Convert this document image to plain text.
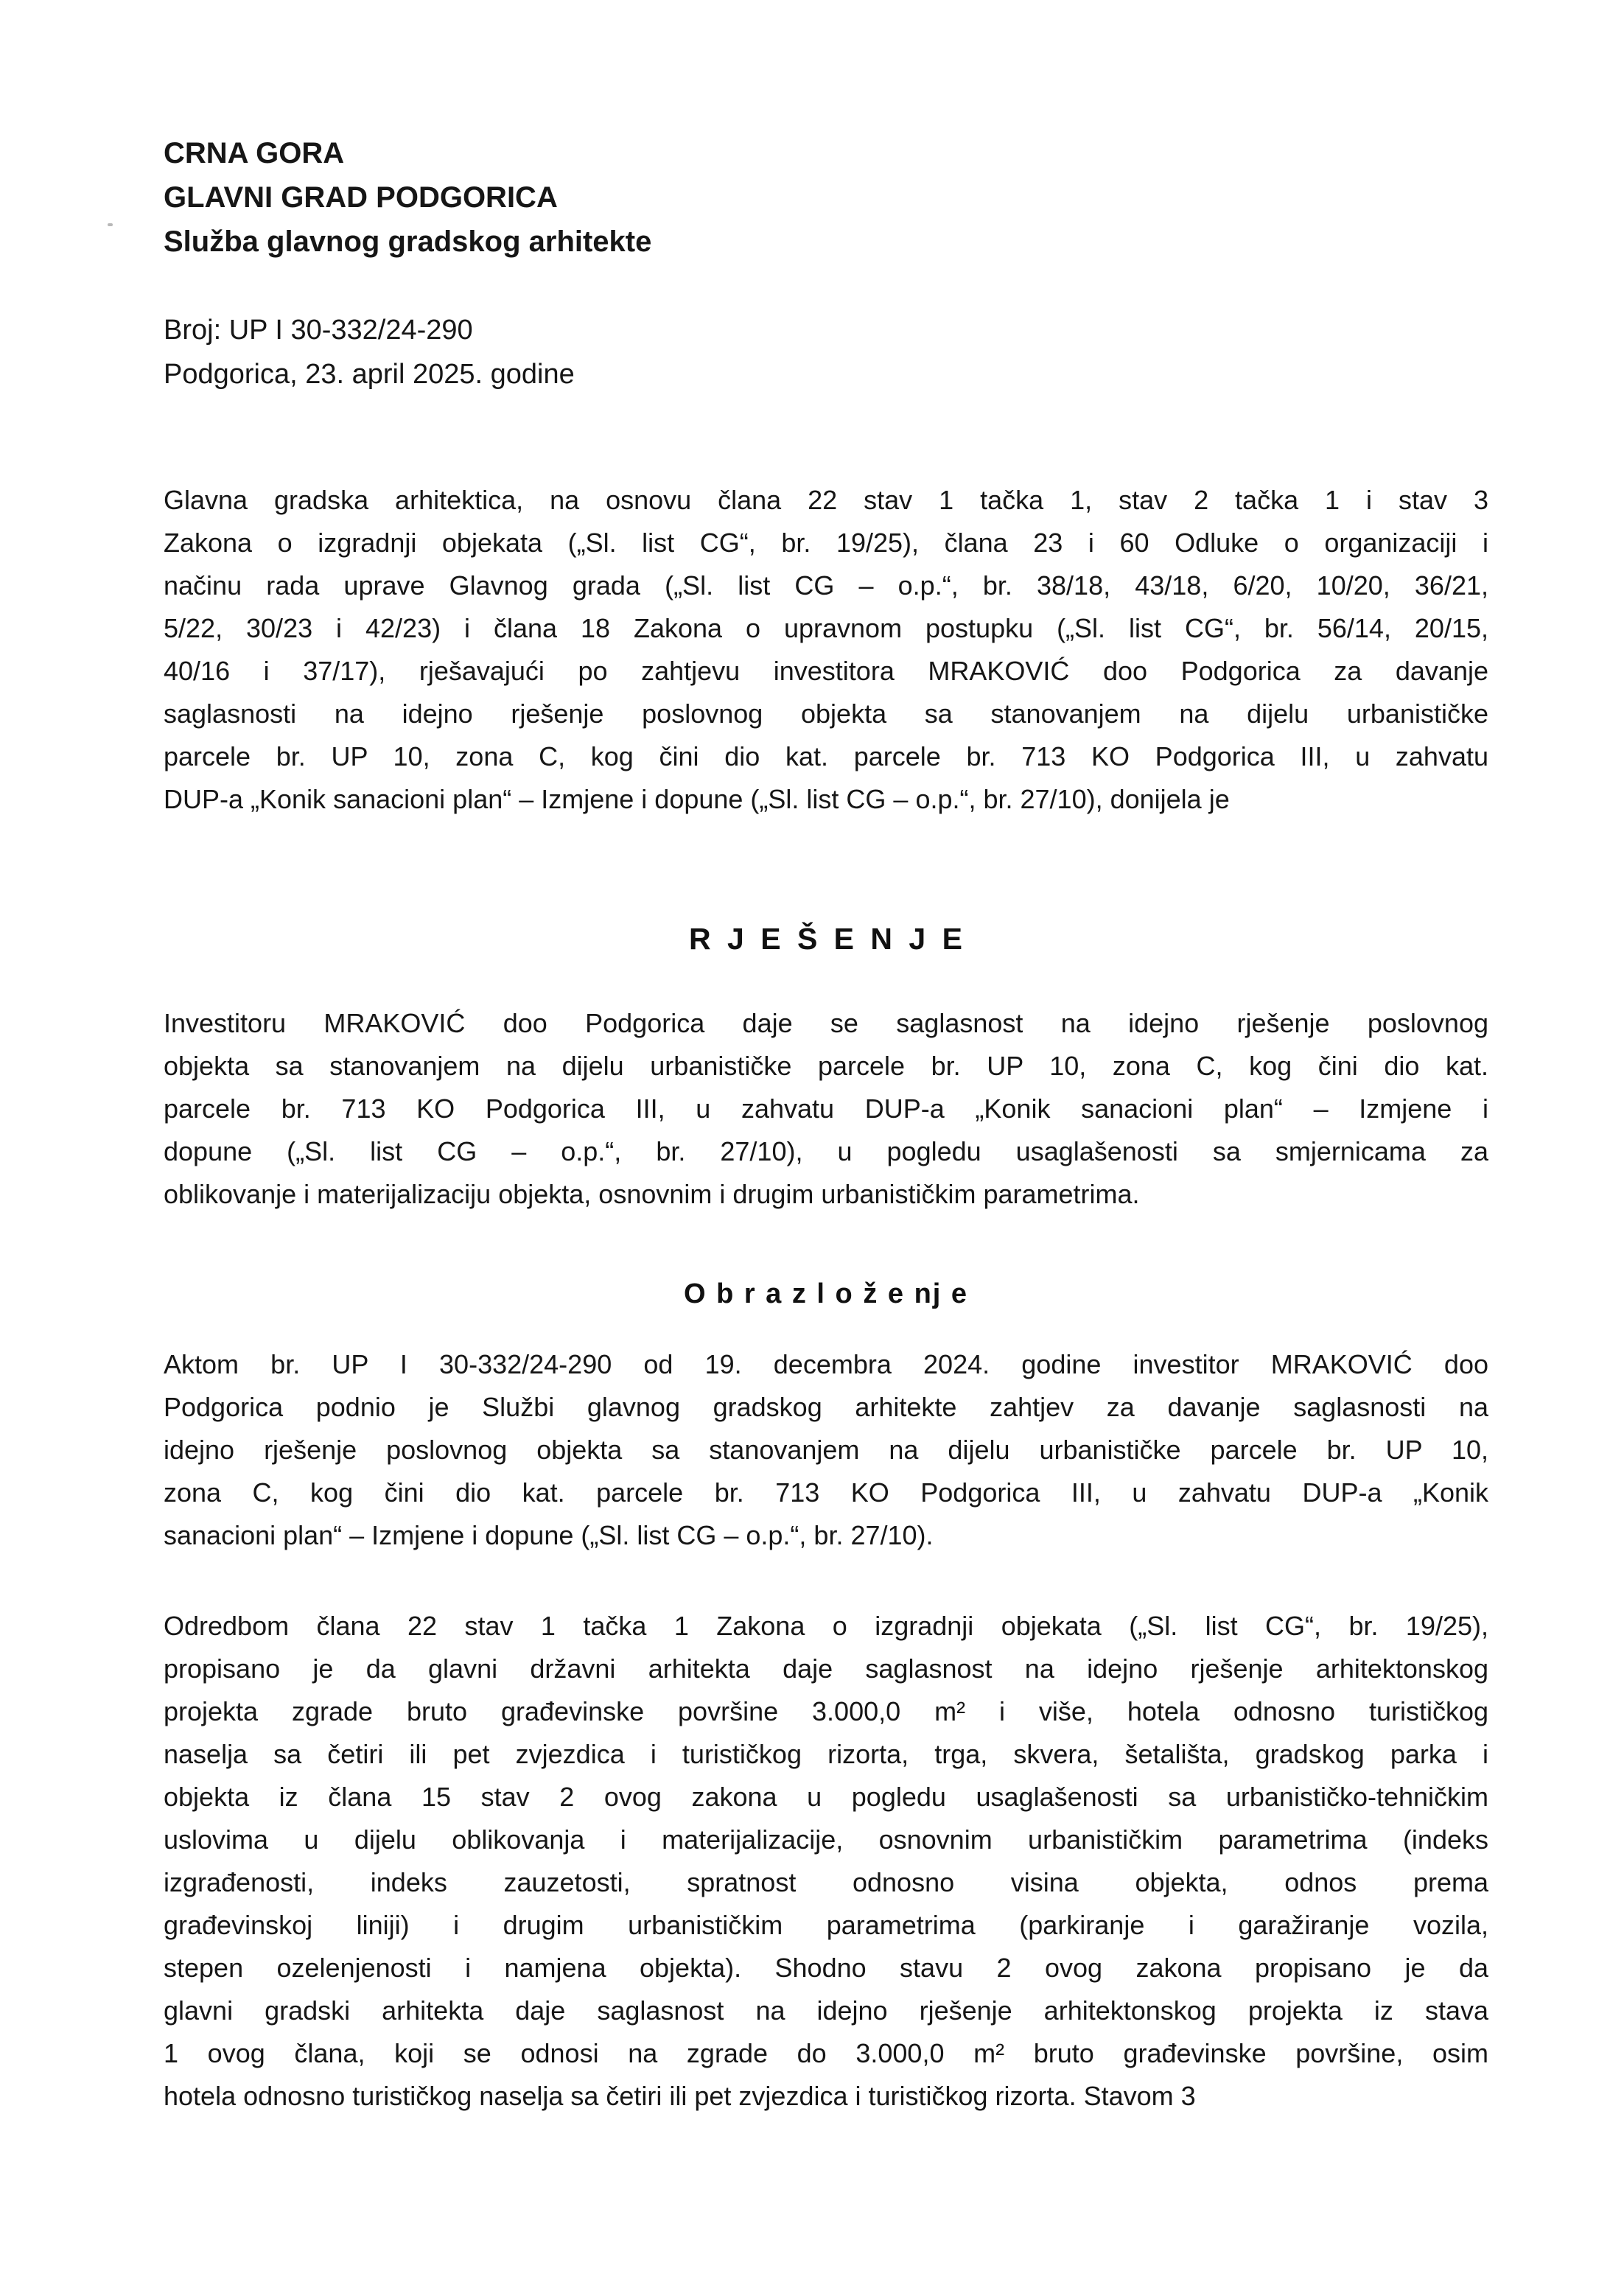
CRNA GORA
GLAVNI GRAD PODGORICA
Služba glavnog gradskog arhitekte
Broj: UP I 30-332/24-290
Podgorica, 23. april 2025. godine
Glavna gradska arhitektica, na osnovu člana 22 stav 1 tačka 1, stav 2 tačka 1 i stav 3
Zakona o izgradnji objekata („Sl. list CG“, br. 19/25), člana 23 i 60 Odluke o organizaciji i
načinu rada uprave Glavnog grada („Sl. list CG – o.p.“, br. 38/18, 43/18, 6/20, 10/20, 36/21,
5/22, 30/23 i 42/23) i člana 18 Zakona o upravnom postupku („Sl. list CG“, br. 56/14, 20/15,
40/16 i 37/17), rješavajući po zahtjevu investitora MRAKOVIĆ doo Podgorica za davanje
saglasnosti na idejno rješenje poslovnog objekta sa stanovanjem na dijelu urbanističke
parcele br. UP 10, zona C, kog čini dio kat. parcele br. 713 KO Podgorica III, u zahvatu
DUP-a „Konik sanacioni plan“ – Izmjene i dopune („Sl. list CG – o.p.“, br. 27/10), donijela je
R J E Š E N J E
Investitoru MRAKOVIĆ doo Podgorica daje se saglasnost na idejno rješenje poslovnog
objekta sa stanovanjem na dijelu urbanističke parcele br. UP 10, zona C, kog čini dio kat.
parcele br. 713 KO Podgorica III, u zahvatu DUP-a „Konik sanacioni plan“ – Izmjene i
dopune („Sl. list CG – o.p.“, br. 27/10), u pogledu usaglašenosti sa smjernicama za
oblikovanje i materijalizaciju objekta, osnovnim i drugim urbanističkim parametrima.
O b r a z l o ž e nj e
Aktom br. UP I 30-332/24-290 od 19. decembra 2024. godine investitor MRAKOVIĆ doo
Podgorica podnio je Službi glavnog gradskog arhitekte zahtjev za davanje saglasnosti na
idejno rješenje poslovnog objekta sa stanovanjem na dijelu urbanističke parcele br. UP 10,
zona C, kog čini dio kat. parcele br. 713 KO Podgorica III, u zahvatu DUP-a „Konik
sanacioni plan“ – Izmjene i dopune („Sl. list CG – o.p.“, br. 27/10).
Odredbom člana 22 stav 1 tačka 1 Zakona o izgradnji objekata („Sl. list CG“, br. 19/25),
propisano je da glavni državni arhitekta daje saglasnost na idejno rješenje arhitektonskog
projekta zgrade bruto građevinske površine 3.000,0 m² i više, hotela odnosno turističkog
naselja sa četiri ili pet zvjezdica i turističkog rizorta, trga, skvera, šetališta, gradskog parka i
objekta iz člana 15 stav 2 ovog zakona u pogledu usaglašenosti sa urbanističko-tehničkim
uslovima u dijelu oblikovanja i materijalizacije, osnovnim urbanističkim parametrima (indeks
izgrađenosti, indeks zauzetosti, spratnost odnosno visina objekta, odnos prema
građevinskoj liniji) i drugim urbanističkim parametrima (parkiranje i garažiranje vozila,
stepen ozelenjenosti i namjena objekta). Shodno stavu 2 ovog zakona propisano je da
glavni gradski arhitekta daje saglasnost na idejno rješenje arhitektonskog projekta iz stava
1 ovog člana, koji se odnosi na zgrade do 3.000,0 m² bruto građevinske površine, osim
hotela odnosno turističkog naselja sa četiri ili pet zvjezdica i turističkog rizorta. Stavom 3
